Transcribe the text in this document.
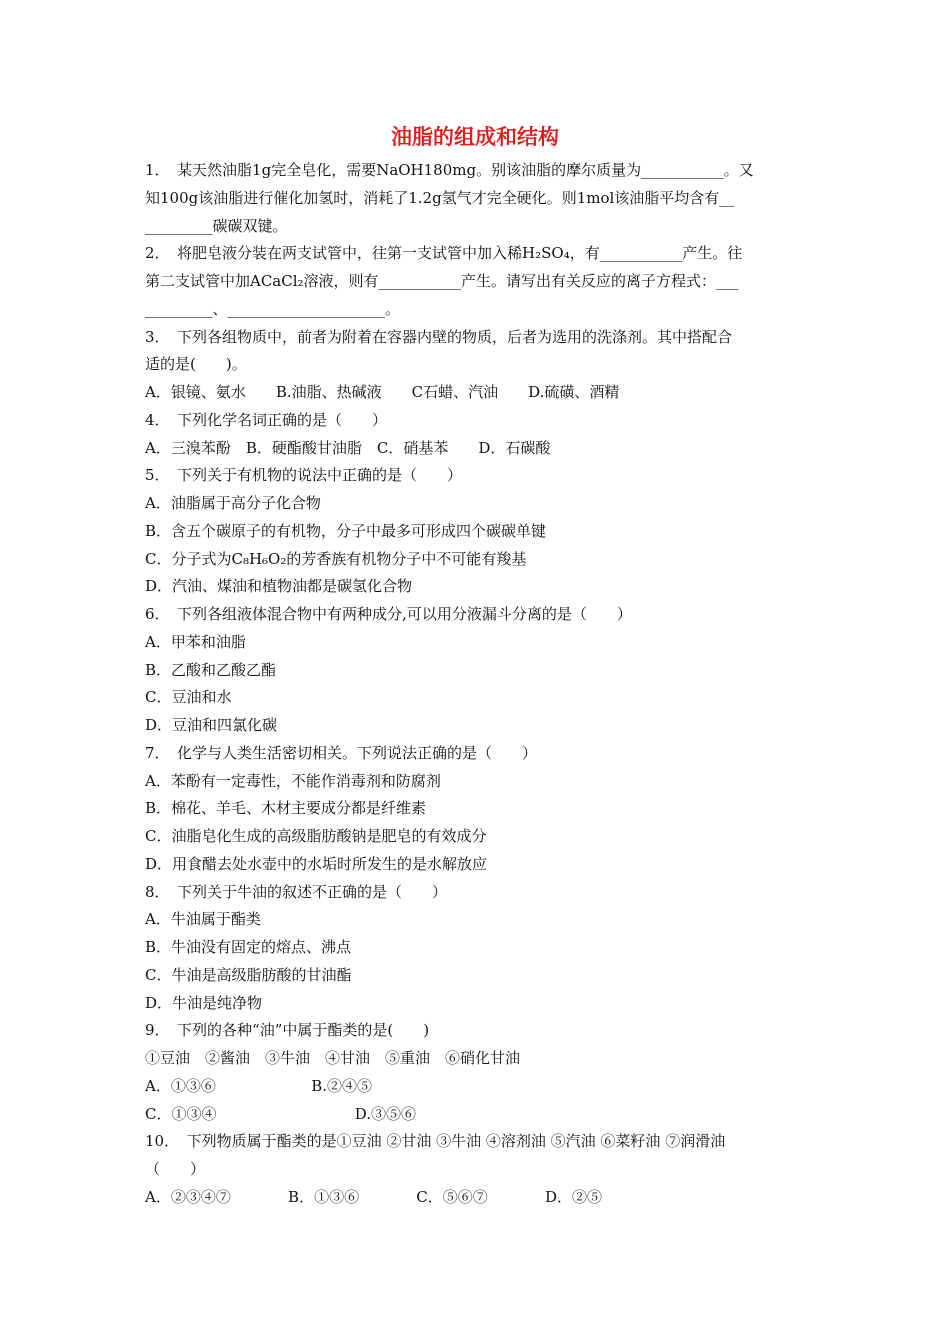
油脂的组成和结构
1．　某天然油脂1g完全皂化，需要NaOH180mg。别该油脂的摩尔质量为___________。又
知100g该油脂进行催化加氢时，消耗了1.2g氢气才完全硬化。则1mol该油脂平均含有__
_________碳碳双键。
2．　将肥皂液分装在两支试管中，往第一支试管中加入稀H₂SO₄，有___________产生。往
第二支试管中加ACaCl₂溶液，则有___________产生。请写出有关反应的离子方程式：___
_________、_____________________。
3．　下列各组物质中，前者为附着在容器内壁的物质，后者为选用的洗涤剂。其中搭配合
适的是(　　)。
A．银镜、氨水　　B.油脂、热碱液　　C石蜡、汽油　　D.硫磺、酒精
4．　下列化学名词正确的是（　　）
A．三溴苯酚　B．硬酯酸甘油脂　C．硝基苯　　D．石碳酸
5．　下列关于有机物的说法中正确的是（　　）
A．油脂属于高分子化合物
B．含五个碳原子的有机物，分子中最多可形成四个碳碳单键
C．分子式为C₈H₆O₂的芳香族有机物分子中不可能有羧基
D．汽油、煤油和植物油都是碳氢化合物
6．　下列各组液体混合物中有两种成分,可以用分液漏斗分离的是（　　）
A．甲苯和油脂
B．乙酸和乙酸乙酯
C．豆油和水
D．豆油和四氯化碳
7．　化学与人类生活密切相关。下列说法正确的是（　　）
A．苯酚有一定毒性，不能作消毒剂和防腐剂
B．棉花、羊毛、木材主要成分都是纤维素
C．油脂皂化生成的高级脂肪酸钠是肥皂的有效成分
D．用食醋去处水壶中的水垢时所发生的是水解放应
8．　下列关于牛油的叙述不正确的是（　　）
A．牛油属于酯类
B．牛油没有固定的熔点、沸点
C．牛油是高级脂肪酸的甘油酯
D．牛油是纯净物
9．　下列的各种“油”中属于酯类的是(　　)
①豆油　②酱油　③牛油　④甘油　⑤重油　⑥硝化甘油
A．①③⑥                    B.②④⑤
C．①③④                             D.③⑤⑥
10．　下列物质属于酯类的是①豆油 ②甘油 ③牛油 ④溶剂油 ⑤汽油 ⑥菜籽油 ⑦润滑油
（　　）
A．②③④⑦            B．①③⑥            C．⑤⑥⑦            D．②⑤
